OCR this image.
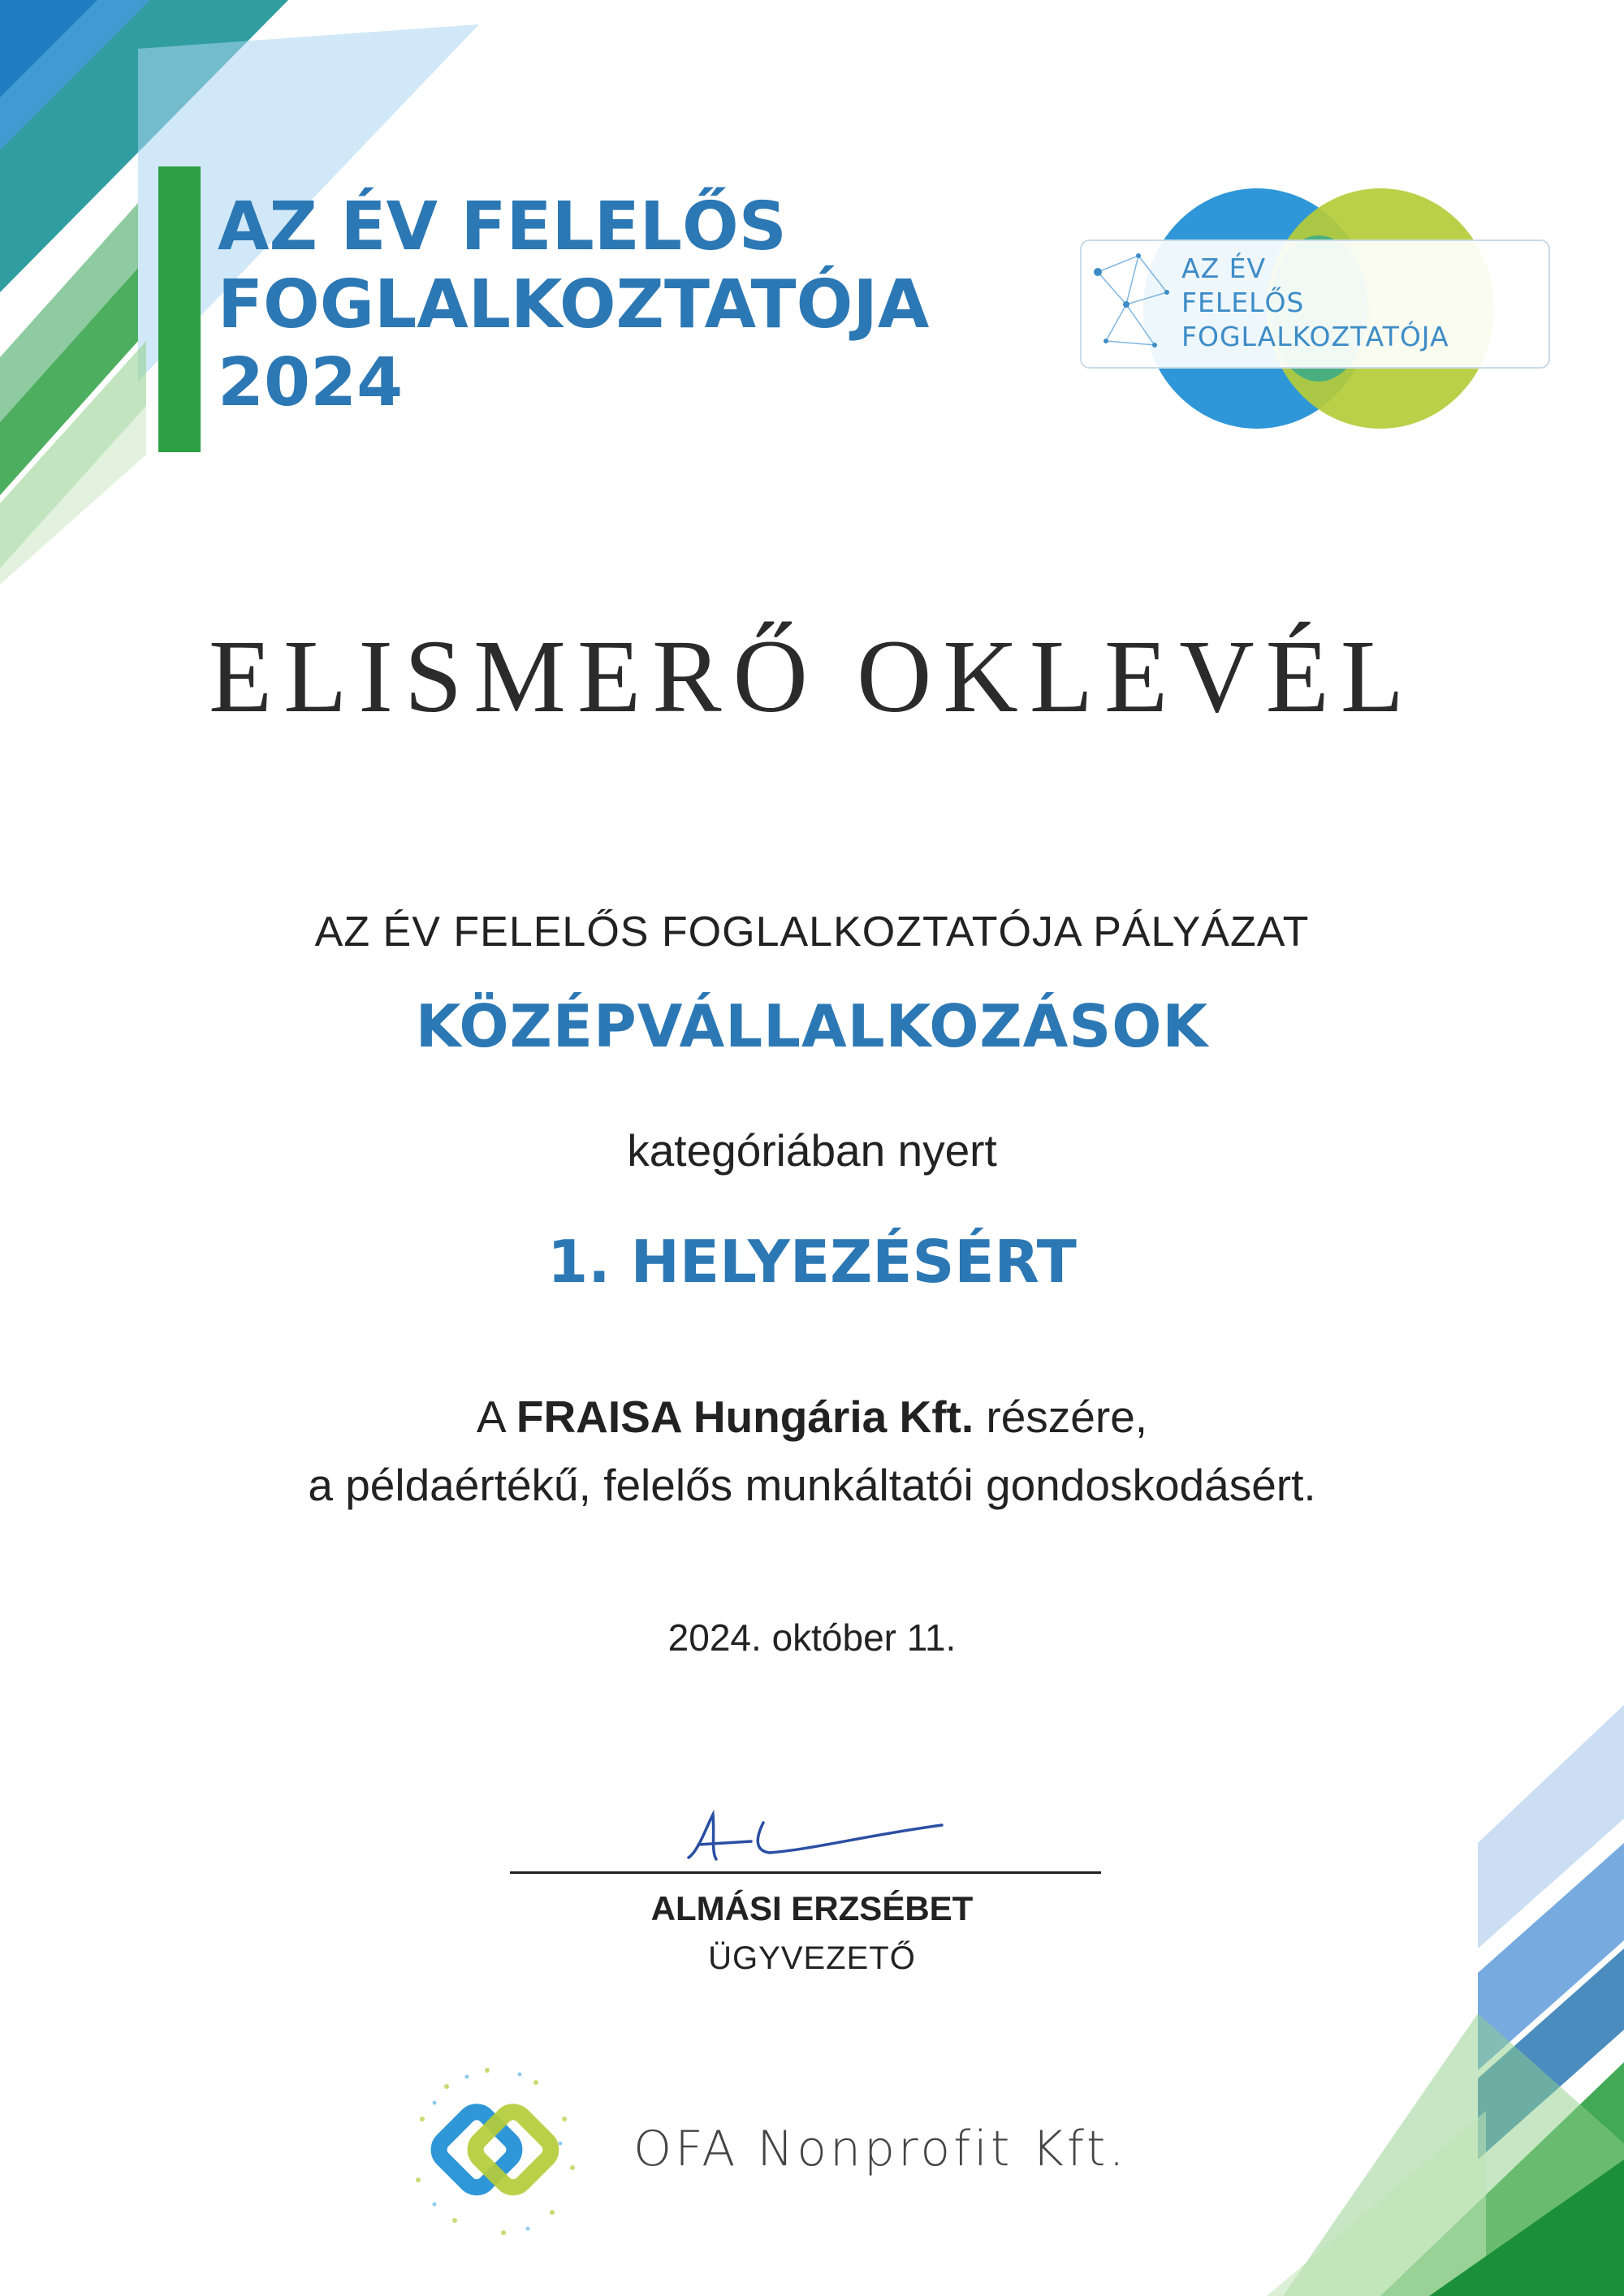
AZ ÉV FELELŐS
FOGLALKOZTATÓJA
2024
AZ ÉV
FELELŐS
FOGLALKOZTATÓJA
ELISMERŐ OKLEVÉL

AZ ÉV FELELŐS FOGLALKOZTATÓJA PÁLYÁZAT

KÖZÉPVÁLLALKOZÁSOK

kategóriában nyert

1. HELYEZÉSÉRT

A FRAISA Hungária Kft. részére,

a példaértékű, felelős munkáltatói gondoskodásért.

2024. október 11.

ALMÁSI ERZSÉBET

ÜGYVEZETŐ

OFA Nonprofit Kft.
